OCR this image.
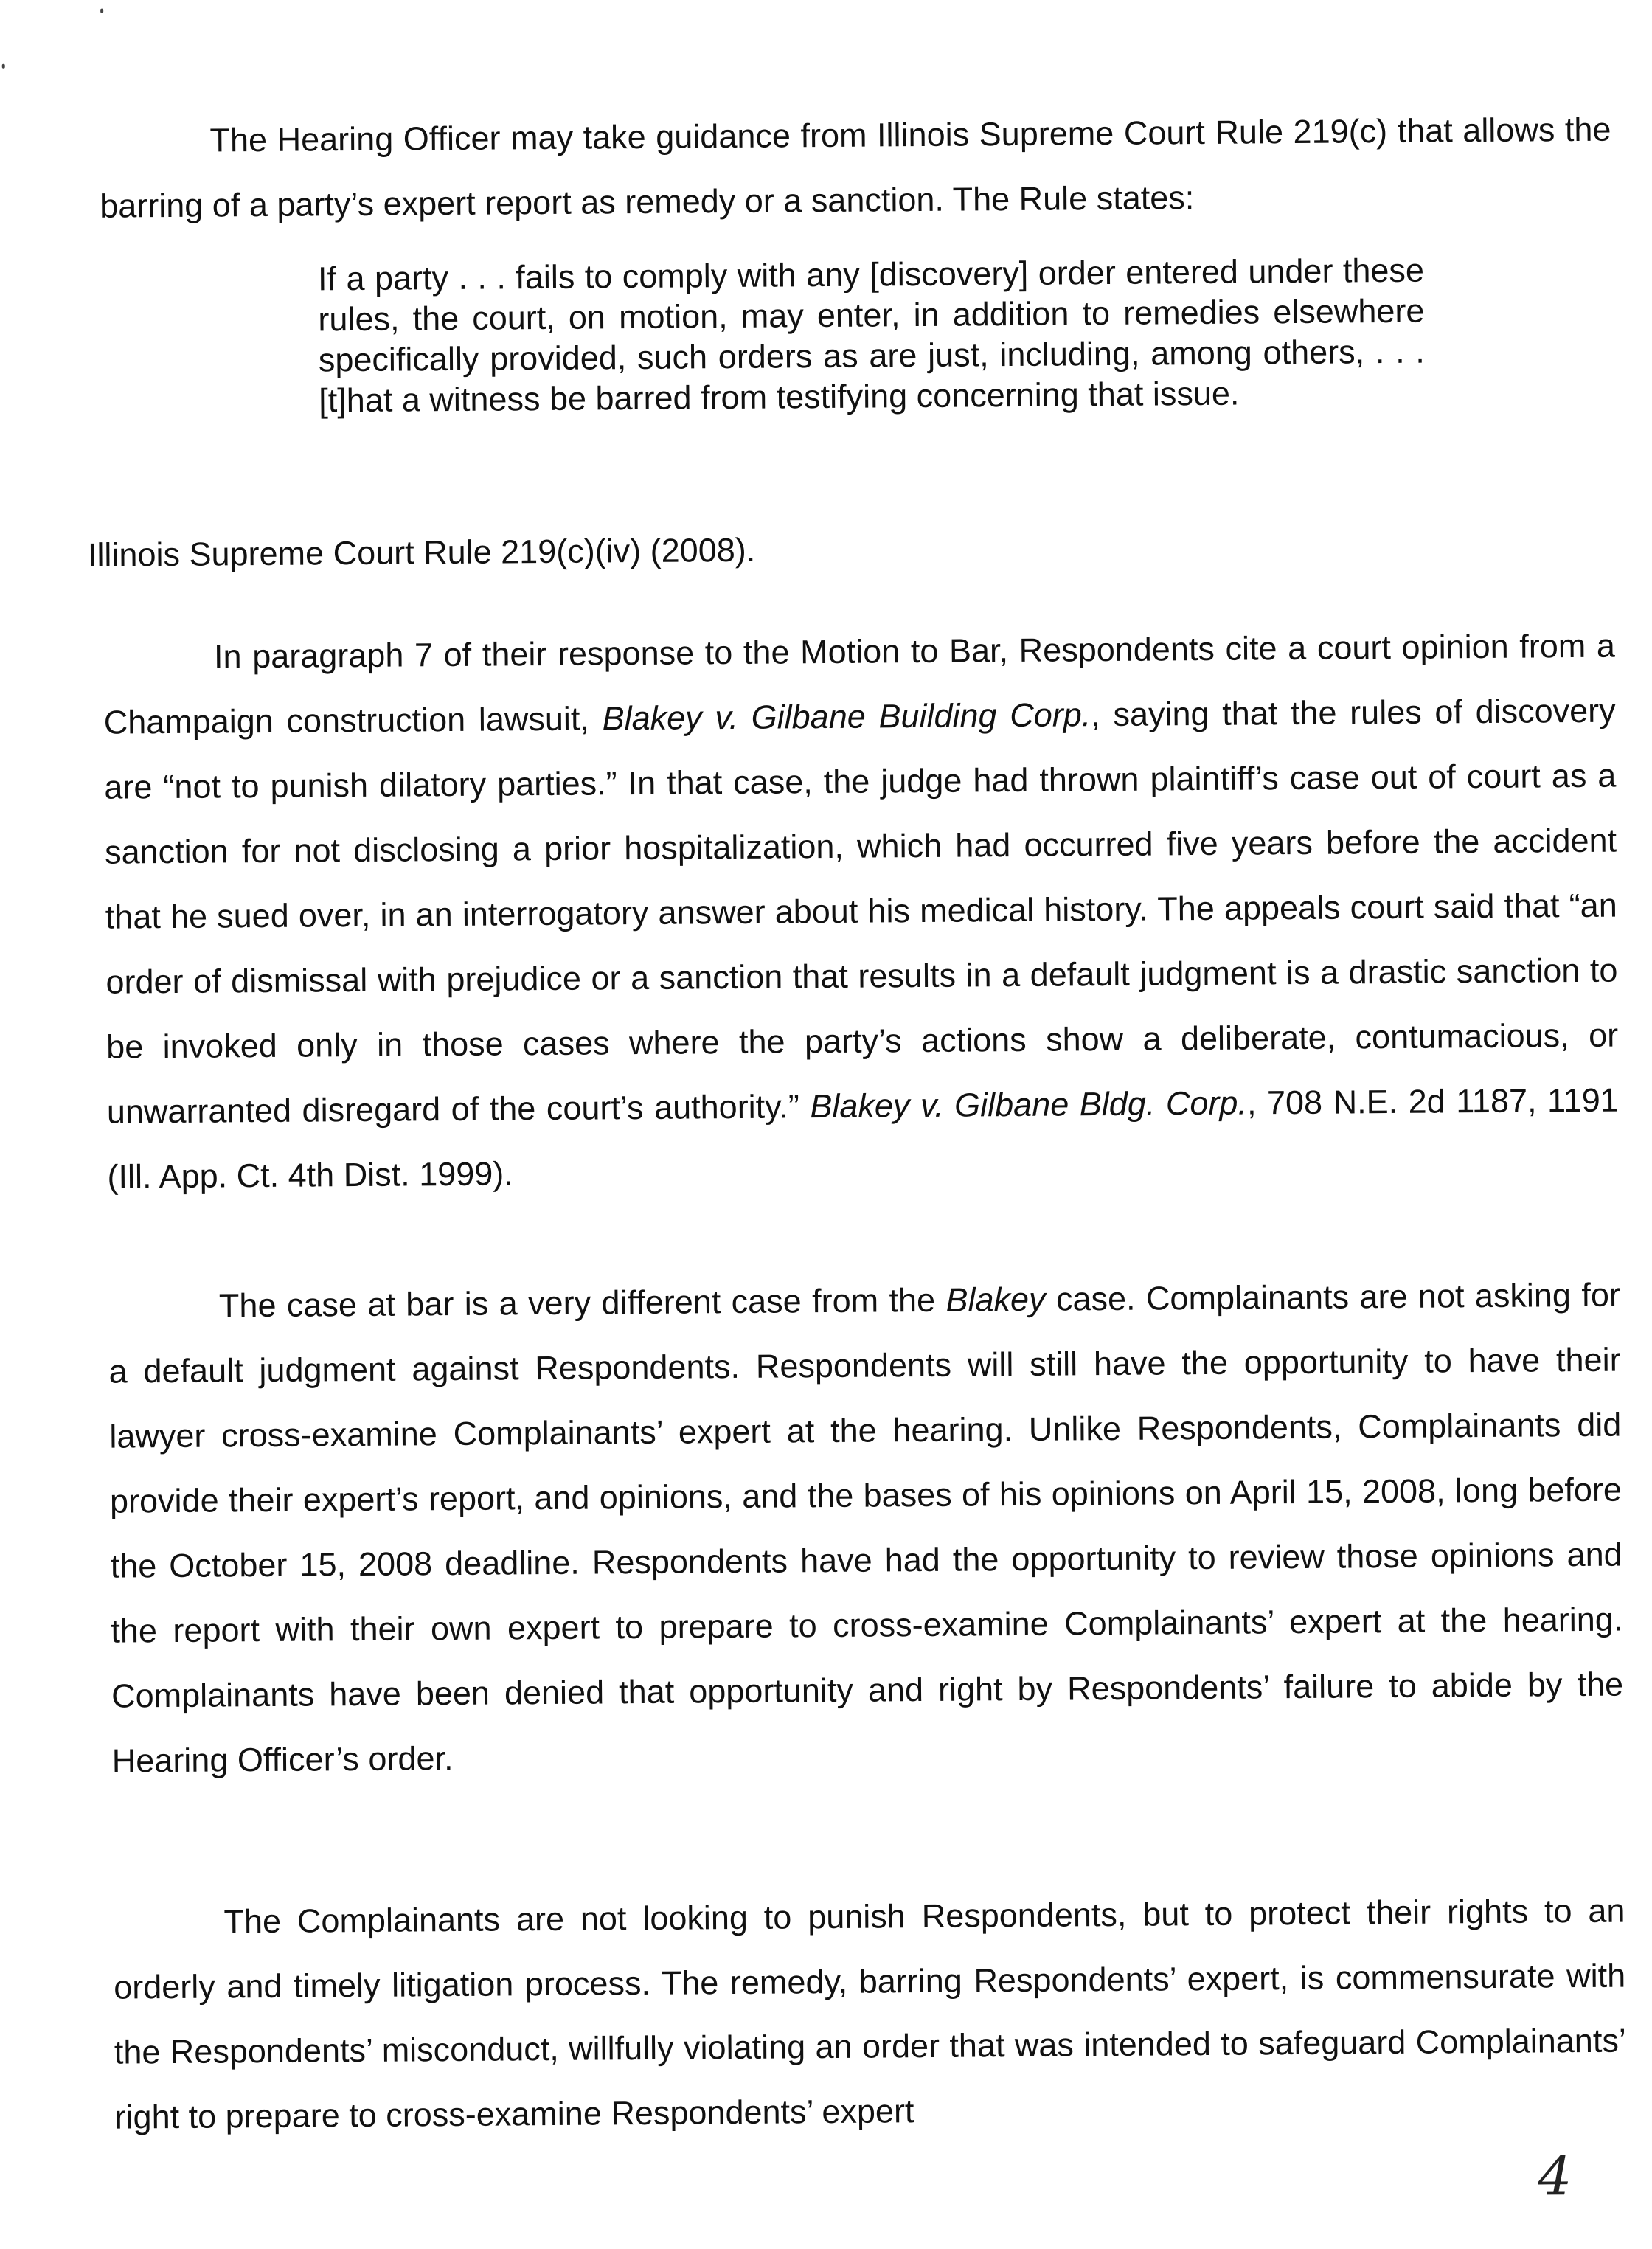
The Hearing Officer may take guidance from Illinois Supreme Court Rule 219(c) that allows the barring of a party’s expert report as remedy or a sanction. The Rule states:

If a party . . . fails to comply with any [discovery] order entered under these rules, the court, on motion, may enter, in addition to remedies elsewhere specifically provided, such orders as are just, including, among others, . . . [t]hat a witness be barred from testifying concerning that issue.

Illinois Supreme Court Rule 219(c)(iv) (2008).

In paragraph 7 of their response to the Motion to Bar, Respondents cite a court opinion from a Champaign construction lawsuit, Blakey v. Gilbane Building Corp., saying that the rules of discovery are “not to punish dilatory parties.” In that case, the judge had thrown plaintiff’s case out of court as a sanction for not disclosing a prior hospitalization, which had occurred five years before the accident that he sued over, in an interrogatory answer about his medical history. The appeals court said that “an order of dismissal with prejudice or a sanction that results in a default judgment is a drastic sanction to be invoked only in those cases where the party’s actions show a deliberate, contumacious, or unwarranted disregard of the court’s authority.” Blakey v. Gilbane Bldg. Corp., 708 N.E. 2d 1187, 1191 (Ill. App. Ct. 4th Dist. 1999).

The case at bar is a very different case from the Blakey case. Complainants are not asking for a default judgment against Respondents. Respondents will still have the opportunity to have their lawyer cross-examine Complainants’ expert at the hearing. Unlike Respondents, Complainants did provide their expert’s report, and opinions, and the bases of his opinions on April 15, 2008, long before the October 15, 2008 deadline. Respondents have had the opportunity to review those opinions and the report with their own expert to prepare to cross-examine Complainants’ expert at the hearing. Complainants have been denied that opportunity and right by Respondents’ failure to abide by the Hearing Officer’s order.

The Complainants are not looking to punish Respondents, but to protect their rights to an orderly and timely litigation process. The remedy, barring Respondents’ expert, is commensurate with the Respondents’ misconduct, willfully violating an order that was intended to safeguard Complainants’ right to prepare to cross-examine Respondents’ expert

4
